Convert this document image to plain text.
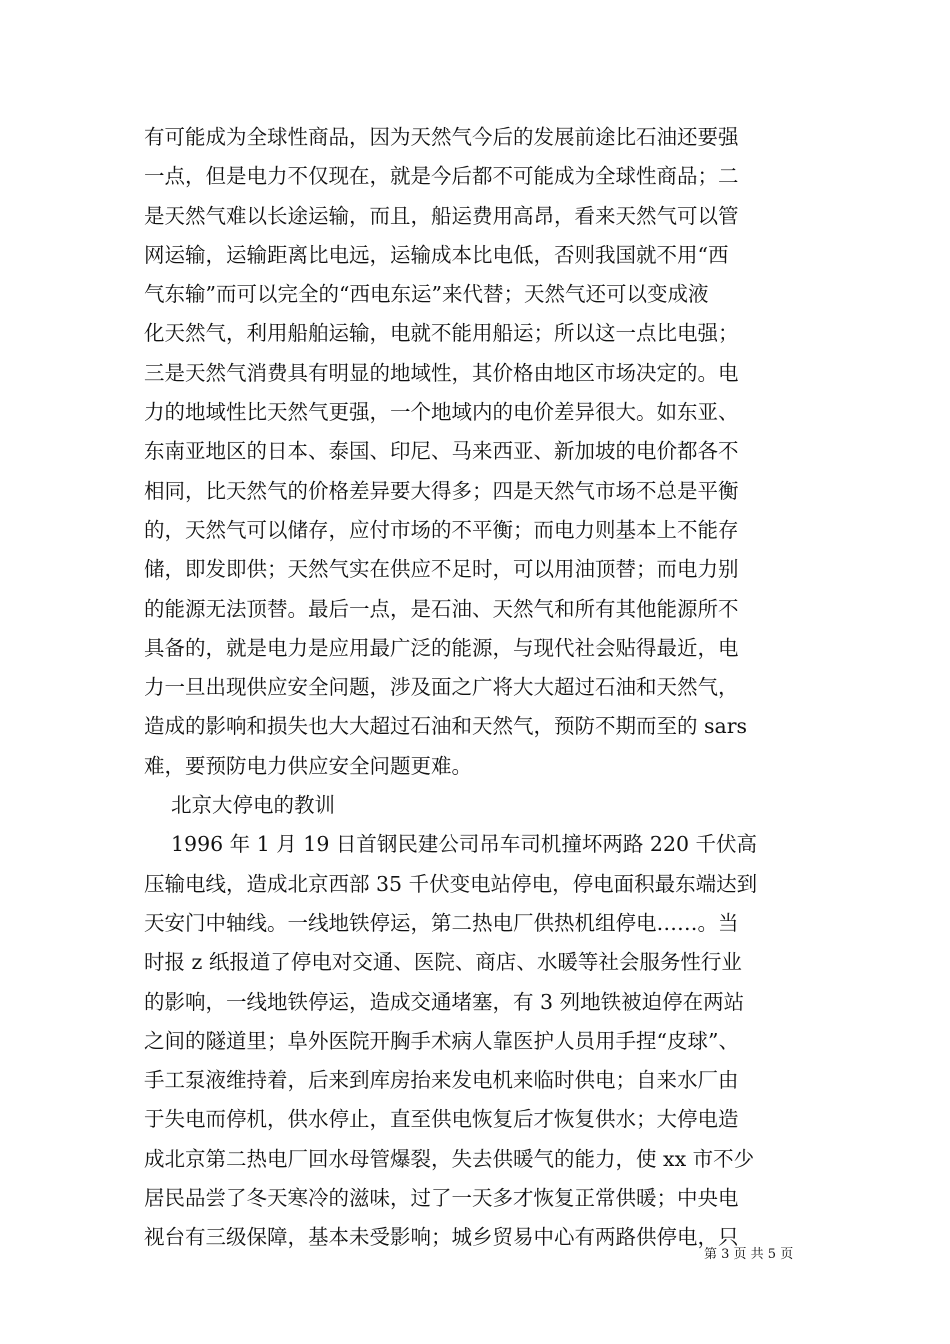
有可能成为全球性商品，因为天然气今后的发展前途比石油还要强
一点，但是电力不仅现在，就是今后都不可能成为全球性商品；二
是天然气难以长途运输，而且，船运费用高昂，看来天然气可以管
网运输，运输距离比电远，运输成本比电低，否则我国就不用“西
气东输”而可以完全的“西电东运”来代替；天然气还可以变成液
化天然气，利用船舶运输，电就不能用船运；所以这一点比电强；
三是天然气消费具有明显的地域性，其价格由地区市场决定的。电
力的地域性比天然气更强，一个地域内的电价差异很大。如东亚、
东南亚地区的日本、泰国、印尼、马来西亚、新加坡的电价都各不
相同，比天然气的价格差异要大得多；四是天然气市场不总是平衡
的，天然气可以储存，应付市场的不平衡；而电力则基本上不能存
储，即发即供；天然气实在供应不足时，可以用油顶替；而电力别
的能源无法顶替。最后一点，是石油、天然气和所有其他能源所不
具备的，就是电力是应用最广泛的能源，与现代社会贴得最近，电
力一旦出现供应安全问题，涉及面之广将大大超过石油和天然气，
造成的影响和损失也大大超过石油和天然气，预防不期而至的 sars
难，要预防电力供应安全问题更难。
北京大停电的教训
1996 年 1 月 19 日首钢民建公司吊车司机撞坏两路 220 千伏高
压输电线，造成北京西部 35 千伏变电站停电，停电面积最东端达到
天安门中轴线。一线地铁停运，第二热电厂供热机组停电……。当
时报 z 纸报道了停电对交通、医院、商店、水暖等社会服务性行业
的影响，一线地铁停运，造成交通堵塞，有 3 列地铁被迫停在两站
之间的隧道里；阜外医院开胸手术病人靠医护人员用手捏“皮球”、
手工泵液维持着，后来到库房抬来发电机来临时供电；自来水厂由
于失电而停机，供水停止，直至供电恢复后才恢复供水；大停电造
成北京第二热电厂回水母管爆裂，失去供暖气的能力，使 xx 市不少
居民品尝了冬天寒冷的滋味，过了一天多才恢复正常供暖；中央电
视台有三级保障，基本未受影响；城乡贸易中心有两路供停电，只
第 3 页 共 5 页
